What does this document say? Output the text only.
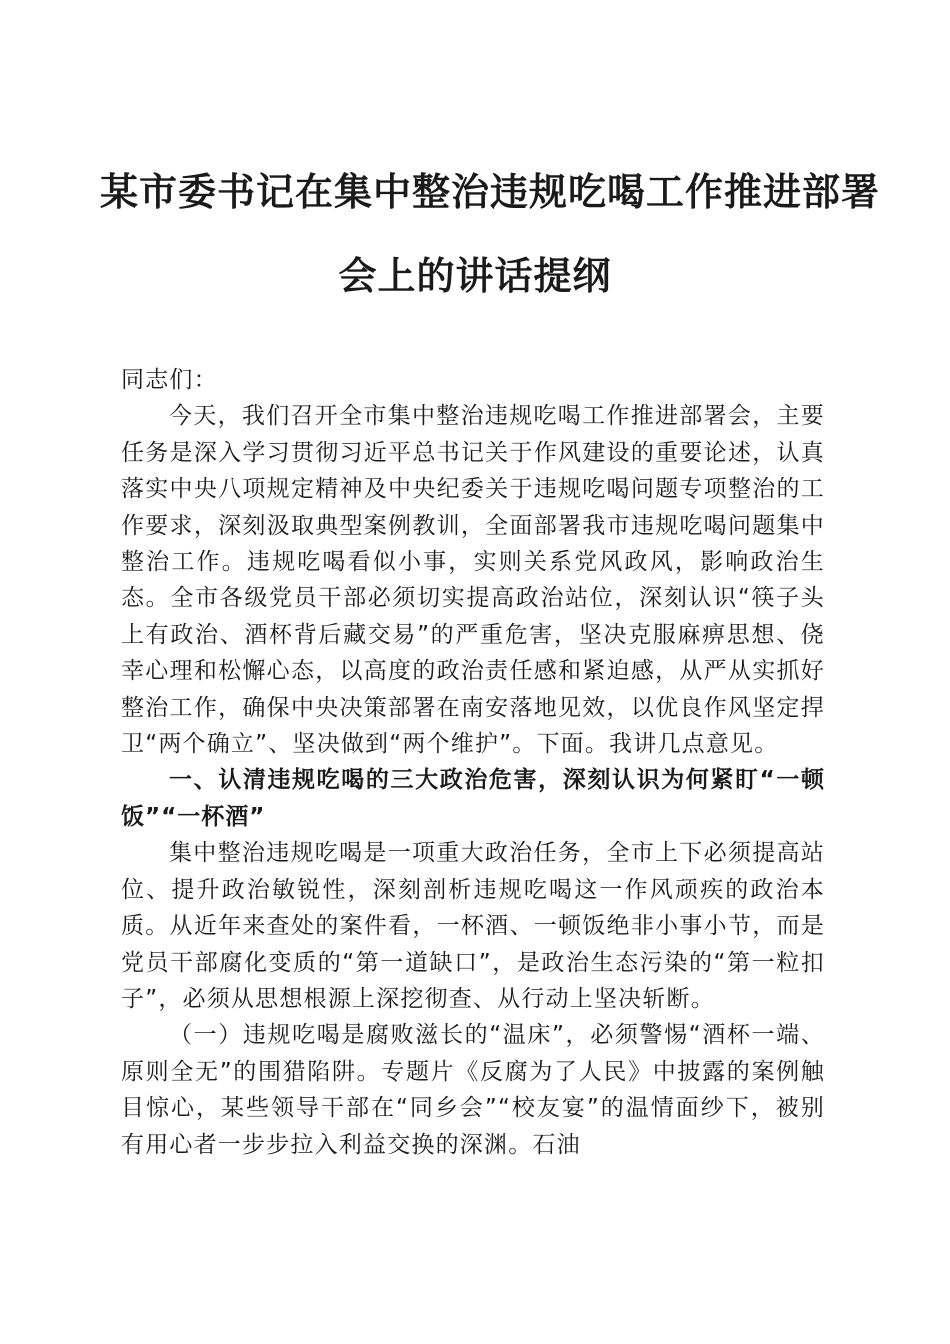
某市委书记在集中整治违规吃喝工作推进部署
会上的讲话提纲

同志们：

今天，我们召开全市集中整治违规吃喝工作推进部署会，主要任务是深入学习贯彻习近平总书记关于作风建设的重要论述，认真落实中央八项规定精神及中央纪委关于违规吃喝问题专项整治的工作要求，深刻汲取典型案例教训，全面部署我市违规吃喝问题集中整治工作。违规吃喝看似小事，实则关系党风政风，影响政治生态。全市各级党员干部必须切实提高政治站位，深刻认识“筷子头上有政治、酒杯背后藏交易”的严重危害，坚决克服麻痹思想、侥幸心理和松懈心态，以高度的政治责任感和紧迫感，从严从实抓好整治工作，确保中央决策部署在南安落地见效，以优良作风坚定捍卫“两个确立”、坚决做到“两个维护”。下面。我讲几点意见。

一、认清违规吃喝的三大政治危害，深刻认识为何紧盯“一顿饭”“一杯酒”

集中整治违规吃喝是一项重大政治任务，全市上下必须提高站位、提升政治敏锐性，深刻剖析违规吃喝这一作风顽疾的政治本质。从近年来查处的案件看，一杯酒、一顿饭绝非小事小节，而是党员干部腐化变质的“第一道缺口”，是政治生态污染的“第一粒扣子”，必须从思想根源上深挖彻查、从行动上坚决斩断。

（一）违规吃喝是腐败滋长的“温床”，必须警惕“酒杯一端、原则全无”的围猎陷阱。专题片《反腐为了人民》中披露的案例触目惊心，某些领导干部在“同乡会”“校友宴”的温情面纱下，被别有用心者一步步拉入利益交换的深渊。石油
